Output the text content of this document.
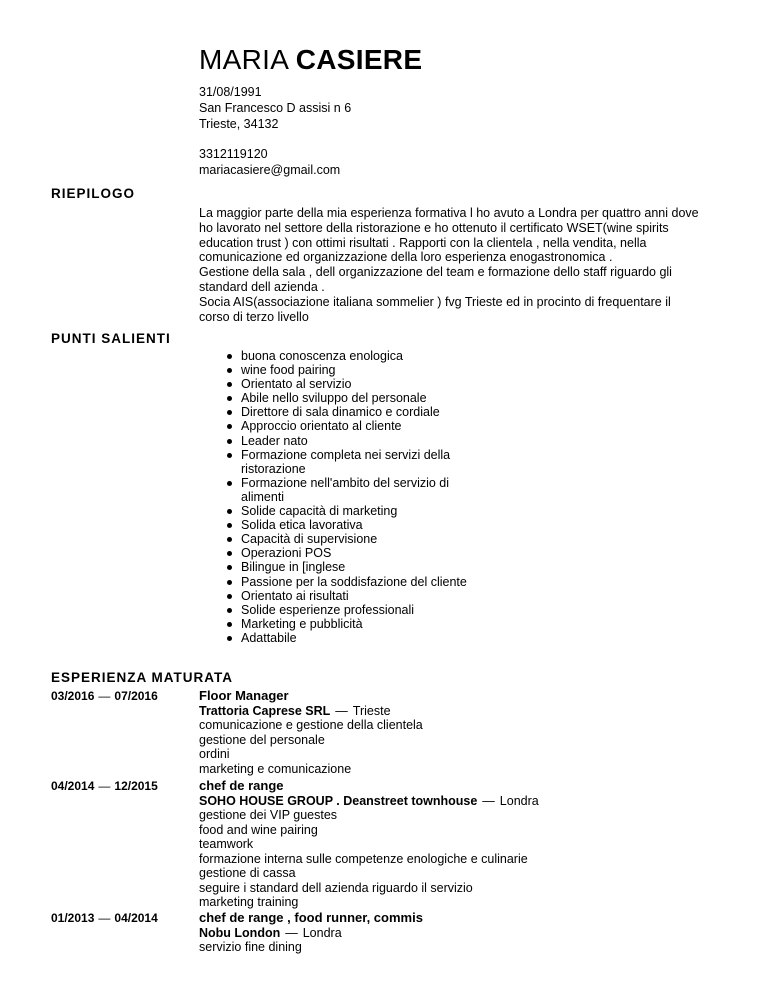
MARIA CASIERE
31/08/1991
San Francesco D assisi n 6
Trieste, 34132
3312119120
mariacasiere@gmail.com
RIEPILOGO

La maggior parte della mia esperienza formativa l ho avuto a Londra per quattro anni dove

ho lavorato nel settore della ristorazione e ho ottenuto il certificato WSET(wine spirits

education trust ) con ottimi risultati . Rapporti con la clientela , nella vendita, nella

comunicazione ed organizzazione della loro esperienza enogastronomica .

Gestione della sala , dell organizzazione del team e formazione dello staff riguardo gli

standard dell azienda .

Socia AIS(associazione italiana sommelier ) fvg Trieste ed in procinto di frequentare il

corso di terzo livello

PUNTI SALIENTI
buona conoscenza enologica
wine food pairing
Orientato al servizio
Abile nello sviluppo del personale
Direttore di sala dinamico e cordiale
Approccio orientato al cliente
Leader nato
Formazione completa nei servizi della ristorazione
Formazione nell'ambito del servizio di alimenti
Solide capacità di marketing
Solida etica lavorativa
Capacità di supervisione
Operazioni POS
Bilingue in [inglese
Passione per la soddisfazione del cliente
Orientato ai risultati
Solide esperienze professionali
Marketing e pubblicità
Adattabile
ESPERIENZA MATURATA
03/2016 — 07/2016	Floor Manager
Trattoria Caprese SRL — Trieste
comunicazione e gestione della clientela
gestione del personale
ordini
marketing e comunicazione
04/2014 — 12/2015	chef de range
SOHO HOUSE GROUP . Deanstreet townhouse — Londra
gestione dei VIP guestes
food and wine pairing
teamwork
formazione interna sulle competenze enologiche e culinarie
gestione di cassa
seguire i standard dell azienda riguardo il servizio
marketing training
01/2013 — 04/2014	chef de range , food runner, commis
Nobu London — Londra
servizio fine dining
